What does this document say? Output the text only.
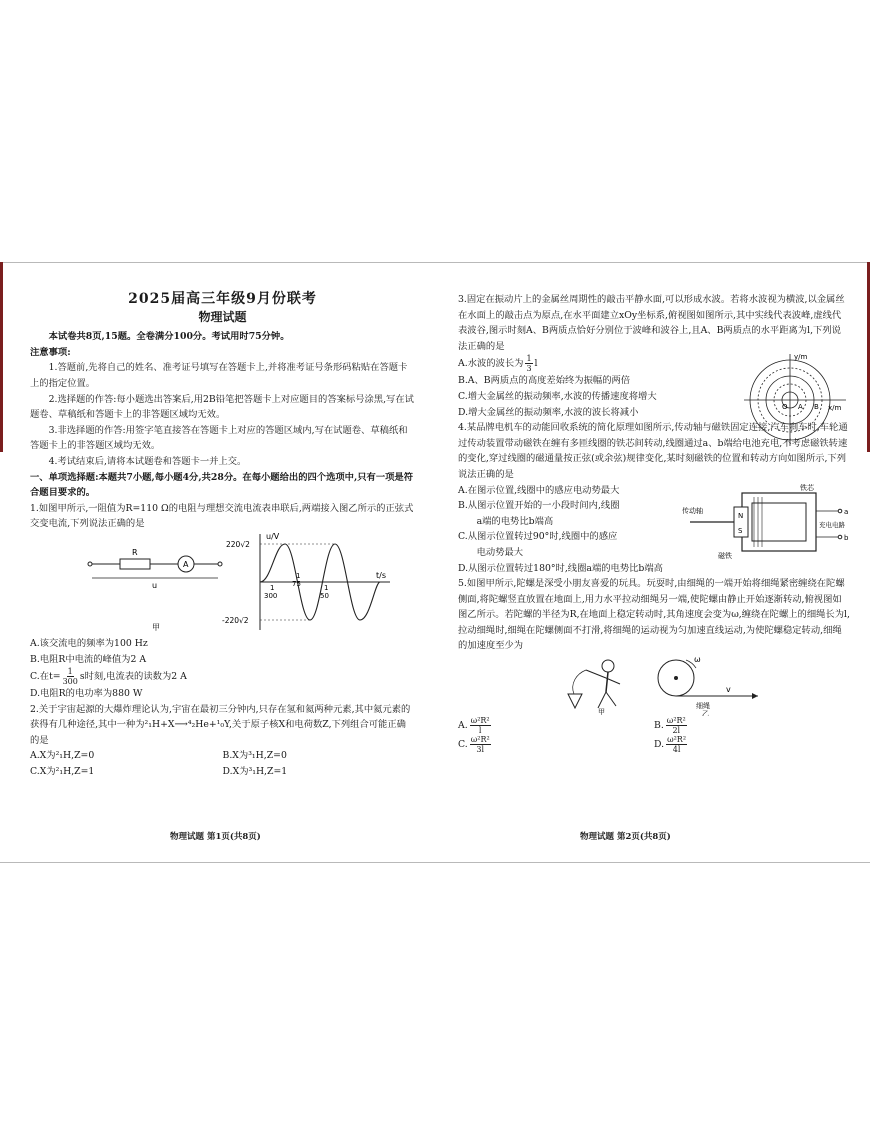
2025届高三年级9月份联考
物理试题

本试卷共8页,15题。全卷满分100分。考试用时75分钟。

注意事项:

1.答题前,先将自己的姓名、准考证号填写在答题卡上,并将准考证号条形码粘贴在答题卡上的指定位置。

2.选择题的作答:每小题选出答案后,用2B铅笔把答题卡上对应题目的答案标号涂黑,写在试题卷、草稿纸和答题卡上的非答题区域均无效。

3.非选择题的作答:用签字笔直接答在答题卡上对应的答题区域内,写在试题卷、草稿纸和答题卡上的非答题区域均无效。

4.考试结束后,请将本试题卷和答题卡一并上交。

一、单项选择题:本题共7小题,每小题4分,共28分。在每小题给出的四个选项中,只有一项是符合题目要求的。

1.如图甲所示,一阻值为R=110 Ω的电阻与理想交流电流表串联后,两端接入图乙所示的正弦式交变电流,下列说法正确的是

R
A
u
甲
u/V
t/s
220√2
-220√2
1
300
1
75	1
50

A.该交流电的频率为100 Hz

B.电阻R中电流的峰值为2 A

C.在$t= \frac{1}{300}$ s时刻,电流表的读数为2 A

D.电阻R的电功率为880 W

2.关于宇宙起源的大爆炸理论认为,宇宙在最初三分钟内,只存在氢和氦两种元素,其中氦元素的获得有几种途径,其中一种为²₁H+X⟶⁴₂He+¹₀Y,关于原子核X和电荷数Z,下列组合可能正确的是

A.X为²₁H,Z=0	B.X为³₁H,Z=0
C.X为²₁H,Z=1	D.X为³₁H,Z=1
物理试题 第1页(共8页)

3.固定在振动片上的金属丝周期性的敲击平静水面,可以形成水波。若将水波视为横波,以金属丝在水面上的敲击点为原点,在水平面建立xOy坐标系,俯视图如图所示,其中实线代表波峰,虚线代表波谷,图示时刻A、B两质点恰好分别位于波峰和波谷上,且A、B两质点的水平距离为l,下列说法正确的是

y/m
x/m
O A B

A.水波的波长为 $\frac{1}{3}$ l

B.A、B两质点的高度差始终为振幅的两倍

C.增大金属丝的振动频率,水波的传播速度将增大

D.增大金属丝的振动频率,水波的波长将减小

4.某品牌电机车的动能回收系统的简化原理如图所示,传动轴与磁铁固定连接,汽车刹车时,车轮通过传动装置带动磁铁在缠有多匝线圈的铁芯间转动,线圈通过a、b端给电池充电,不考虑磁铁转速的变化,穿过线圈的磁通量按正弦(或余弦)规律变化,某时刻磁铁的位置和转动方向如图所示,下列说法正确的是

N
S
铁芯
传动轴
磁铁
充电电路
a
b

A.在图示位置,线圈中的感应电动势最大

B.从图示位置开始的一小段时间内,线圈

a端的电势比b端高

C.从图示位置转过90°时,线圈中的感应

电动势最大

D.从图示位置转过180°时,线圈a端的电势比b端高

5.如图甲所示,陀螺是深受小朋友喜爱的玩具。玩耍时,由细绳的一端开始将细绳紧密缠绕在陀螺侧面,将陀螺竖直放置在地面上,用力水平拉动细绳另一端,使陀螺由静止开始逐渐转动,俯视图如图乙所示。若陀螺的半径为R,在地面上稳定转动时,其角速度会变为ω,缠绕在陀螺上的细绳长为l,拉动细绳时,细绳在陀螺侧面不打滑,将细绳的运动视为匀加速直线运动,为使陀螺稳定转动,细绳的加速度至少为

甲
ω
v
细绳
乙
A. $\frac{\text{ω²R²}}{l}$	B. $\frac{\text{ω²R²}}{2l}$
C. $\frac{\text{ω²R²}}{3l}$	D. $\frac{\text{ω²R²}}{4l}$
物理试题 第2页(共8页)
